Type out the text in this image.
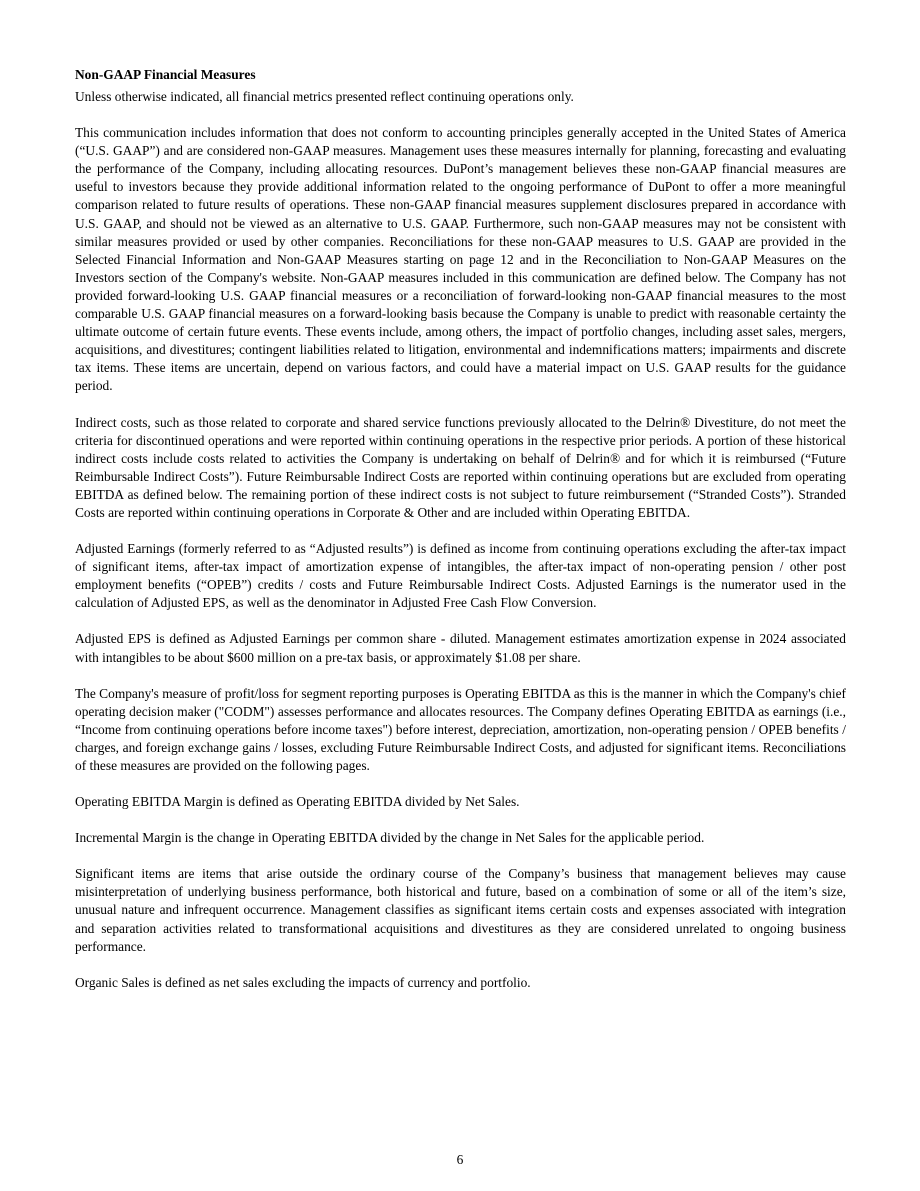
Non-GAAP Financial Measures

Unless otherwise indicated, all financial metrics presented reflect continuing operations only.

This communication includes information that does not conform to accounting principles generally accepted in the United States of America (“U.S. GAAP”) and are considered non-GAAP measures. Management uses these measures internally for planning, forecasting and evaluating the performance of the Company, including allocating resources. DuPont’s management believes these non-GAAP financial measures are useful to investors because they provide additional information related to the ongoing performance of DuPont to offer a more meaningful comparison related to future results of operations. These non-GAAP financial measures supplement disclosures prepared in accordance with U.S. GAAP, and should not be viewed as an alternative to U.S. GAAP. Furthermore, such non-GAAP measures may not be consistent with similar measures provided or used by other companies. Reconciliations for these non-GAAP measures to U.S. GAAP are provided in the Selected Financial Information and Non-GAAP Measures starting on page 12 and in the Reconciliation to Non-GAAP Measures on the Investors section of the Company's website. Non-GAAP measures included in this communication are defined below. The Company has not provided forward-looking U.S. GAAP financial measures or a reconciliation of forward-looking non-GAAP financial measures to the most comparable U.S. GAAP financial measures on a forward-looking basis because the Company is unable to predict with reasonable certainty the ultimate outcome of certain future events. These events include, among others, the impact of portfolio changes, including asset sales, mergers, acquisitions, and divestitures; contingent liabilities related to litigation, environmental and indemnifications matters; impairments and discrete tax items. These items are uncertain, depend on various factors, and could have a material impact on U.S. GAAP results for the guidance period.

Indirect costs, such as those related to corporate and shared service functions previously allocated to the Delrin® Divestiture, do not meet the criteria for discontinued operations and were reported within continuing operations in the respective prior periods. A portion of these historical indirect costs include costs related to activities the Company is undertaking on behalf of Delrin® and for which it is reimbursed (“Future Reimbursable Indirect Costs”). Future Reimbursable Indirect Costs are reported within continuing operations but are excluded from operating EBITDA as defined below. The remaining portion of these indirect costs is not subject to future reimbursement (“Stranded Costs”). Stranded Costs are reported within continuing operations in Corporate & Other and are included within Operating EBITDA.

Adjusted Earnings (formerly referred to as “Adjusted results”) is defined as income from continuing operations excluding the after-tax impact of significant items, after-tax impact of amortization expense of intangibles, the after-tax impact of non-operating pension / other post employment benefits (“OPEB”) credits / costs and Future Reimbursable Indirect Costs. Adjusted Earnings is the numerator used in the calculation of Adjusted EPS, as well as the denominator in Adjusted Free Cash Flow Conversion.

Adjusted EPS is defined as Adjusted Earnings per common share - diluted. Management estimates amortization expense in 2024 associated with intangibles to be about $600 million on a pre-tax basis, or approximately $1.08 per share.

The Company's measure of profit/loss for segment reporting purposes is Operating EBITDA as this is the manner in which the Company's chief operating decision maker ("CODM") assesses performance and allocates resources. The Company defines Operating EBITDA as earnings (i.e., “Income from continuing operations before income taxes") before interest, depreciation, amortization, non-operating pension / OPEB benefits / charges, and foreign exchange gains / losses, excluding Future Reimbursable Indirect Costs, and adjusted for significant items. Reconciliations of these measures are provided on the following pages.

Operating EBITDA Margin is defined as Operating EBITDA divided by Net Sales.

Incremental Margin is the change in Operating EBITDA divided by the change in Net Sales for the applicable period.

Significant items are items that arise outside the ordinary course of the Company’s business that management believes may cause misinterpretation of underlying business performance, both historical and future, based on a combination of some or all of the item’s size, unusual nature and infrequent occurrence. Management classifies as significant items certain costs and expenses associated with integration and separation activities related to transformational acquisitions and divestitures as they are considered unrelated to ongoing business performance.

Organic Sales is defined as net sales excluding the impacts of currency and portfolio.

6
